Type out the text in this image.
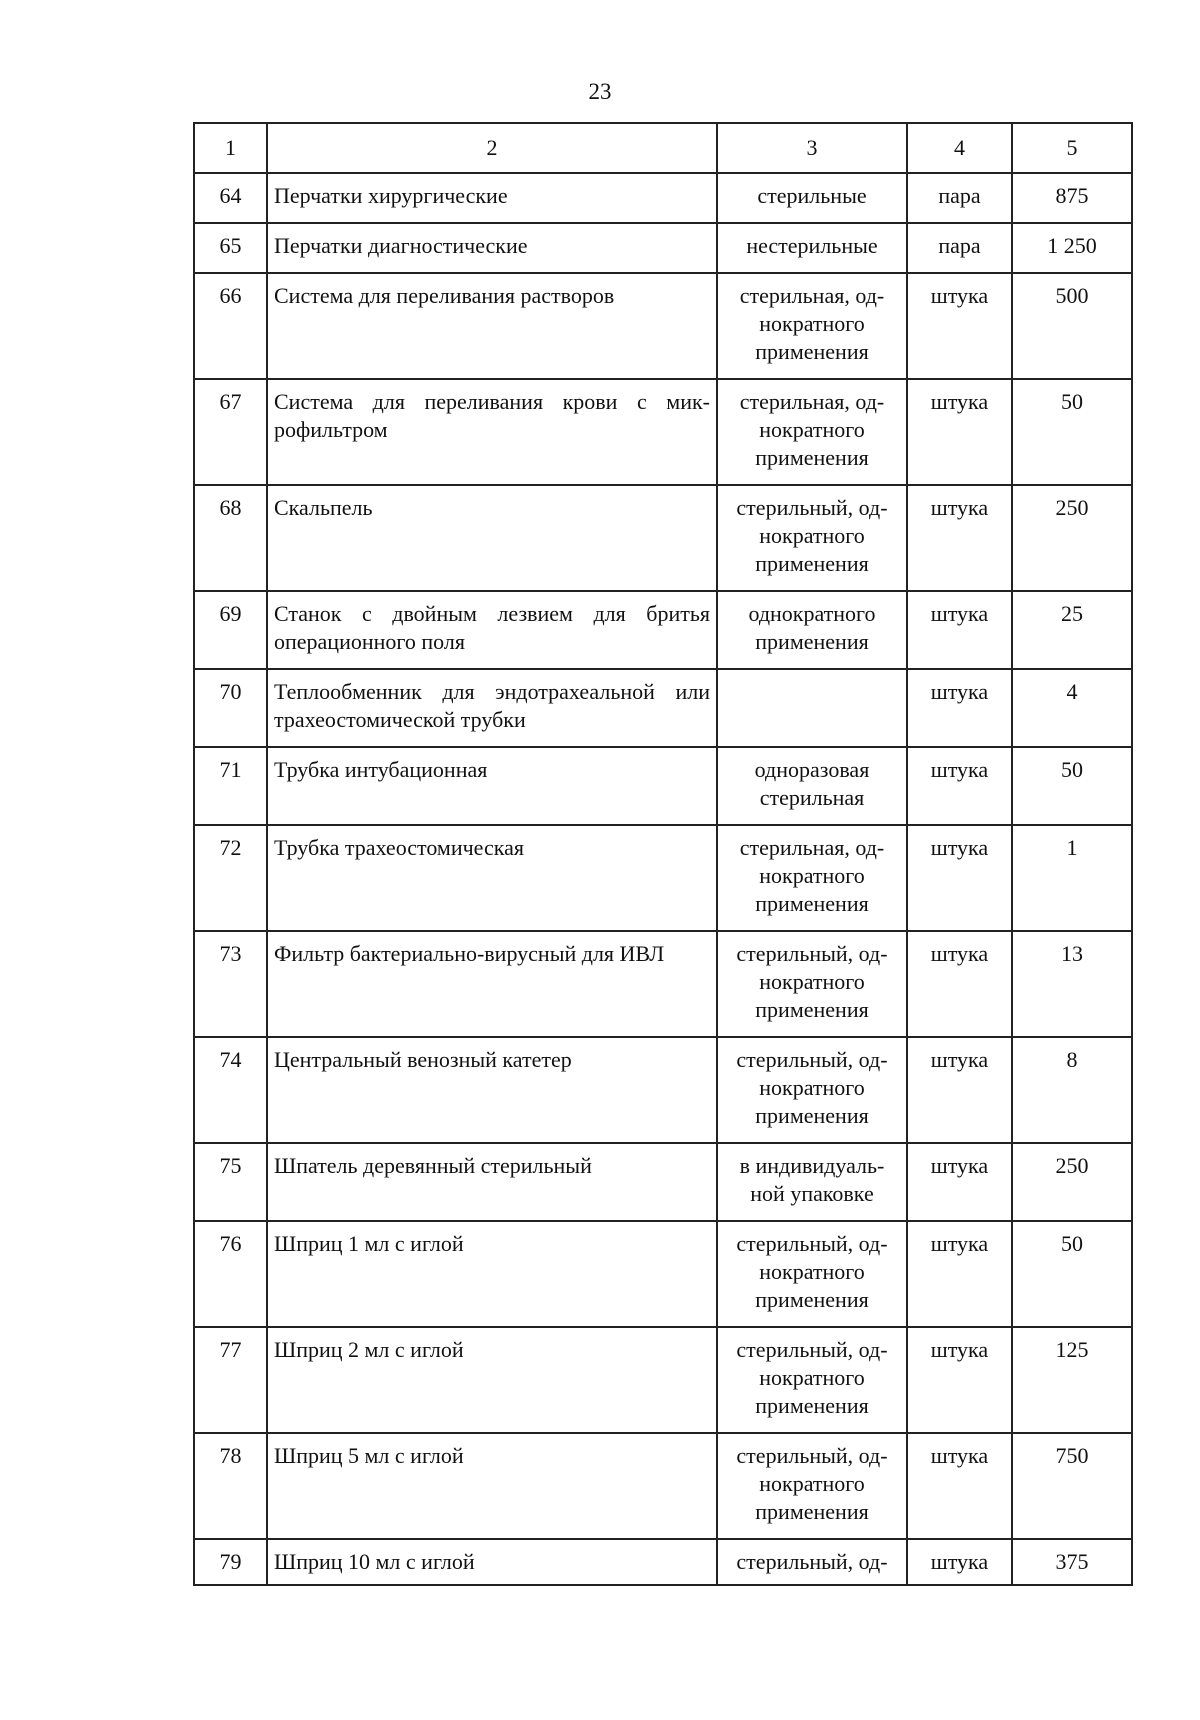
23
1	2	3	4	5
64	Перчатки хирургические	стерильные	пара	875
65	Перчатки диагностические	нестерильные	пара	1 250
66	Система для переливания растворов	стерильная, од-нократного применения	штука	500
67	Система для переливания крови с мик-рофильтром	стерильная, од-нократного применения	штука	50
68	Скальпель	стерильный, од-нократного применения	штука	250
69	Станок с двойным лезвием для бритья операционного поля	однократного применения	штука	25
70	Теплообменник для эндотрахеальной или трахеостомической трубки		штука	4
71	Трубка интубационная	одноразовая стерильная	штука	50
72	Трубка трахеостомическая	стерильная, од-нократного применения	штука	1
73	Фильтр бактериально-вирусный для ИВЛ	стерильный, од-нократного применения	штука	13
74	Центральный венозный катетер	стерильный, од-нократного применения	штука	8
75	Шпатель деревянный стерильный	в индивидуаль-ной упаковке	штука	250
76	Шприц 1 мл с иглой	стерильный, од-нократного применения	штука	50
77	Шприц 2 мл с иглой	стерильный, од-нократного применения	штука	125
78	Шприц 5 мл с иглой	стерильный, од-нократного применения	штука	750
79	Шприц 10 мл с иглой	стерильный, од-	штука	375
